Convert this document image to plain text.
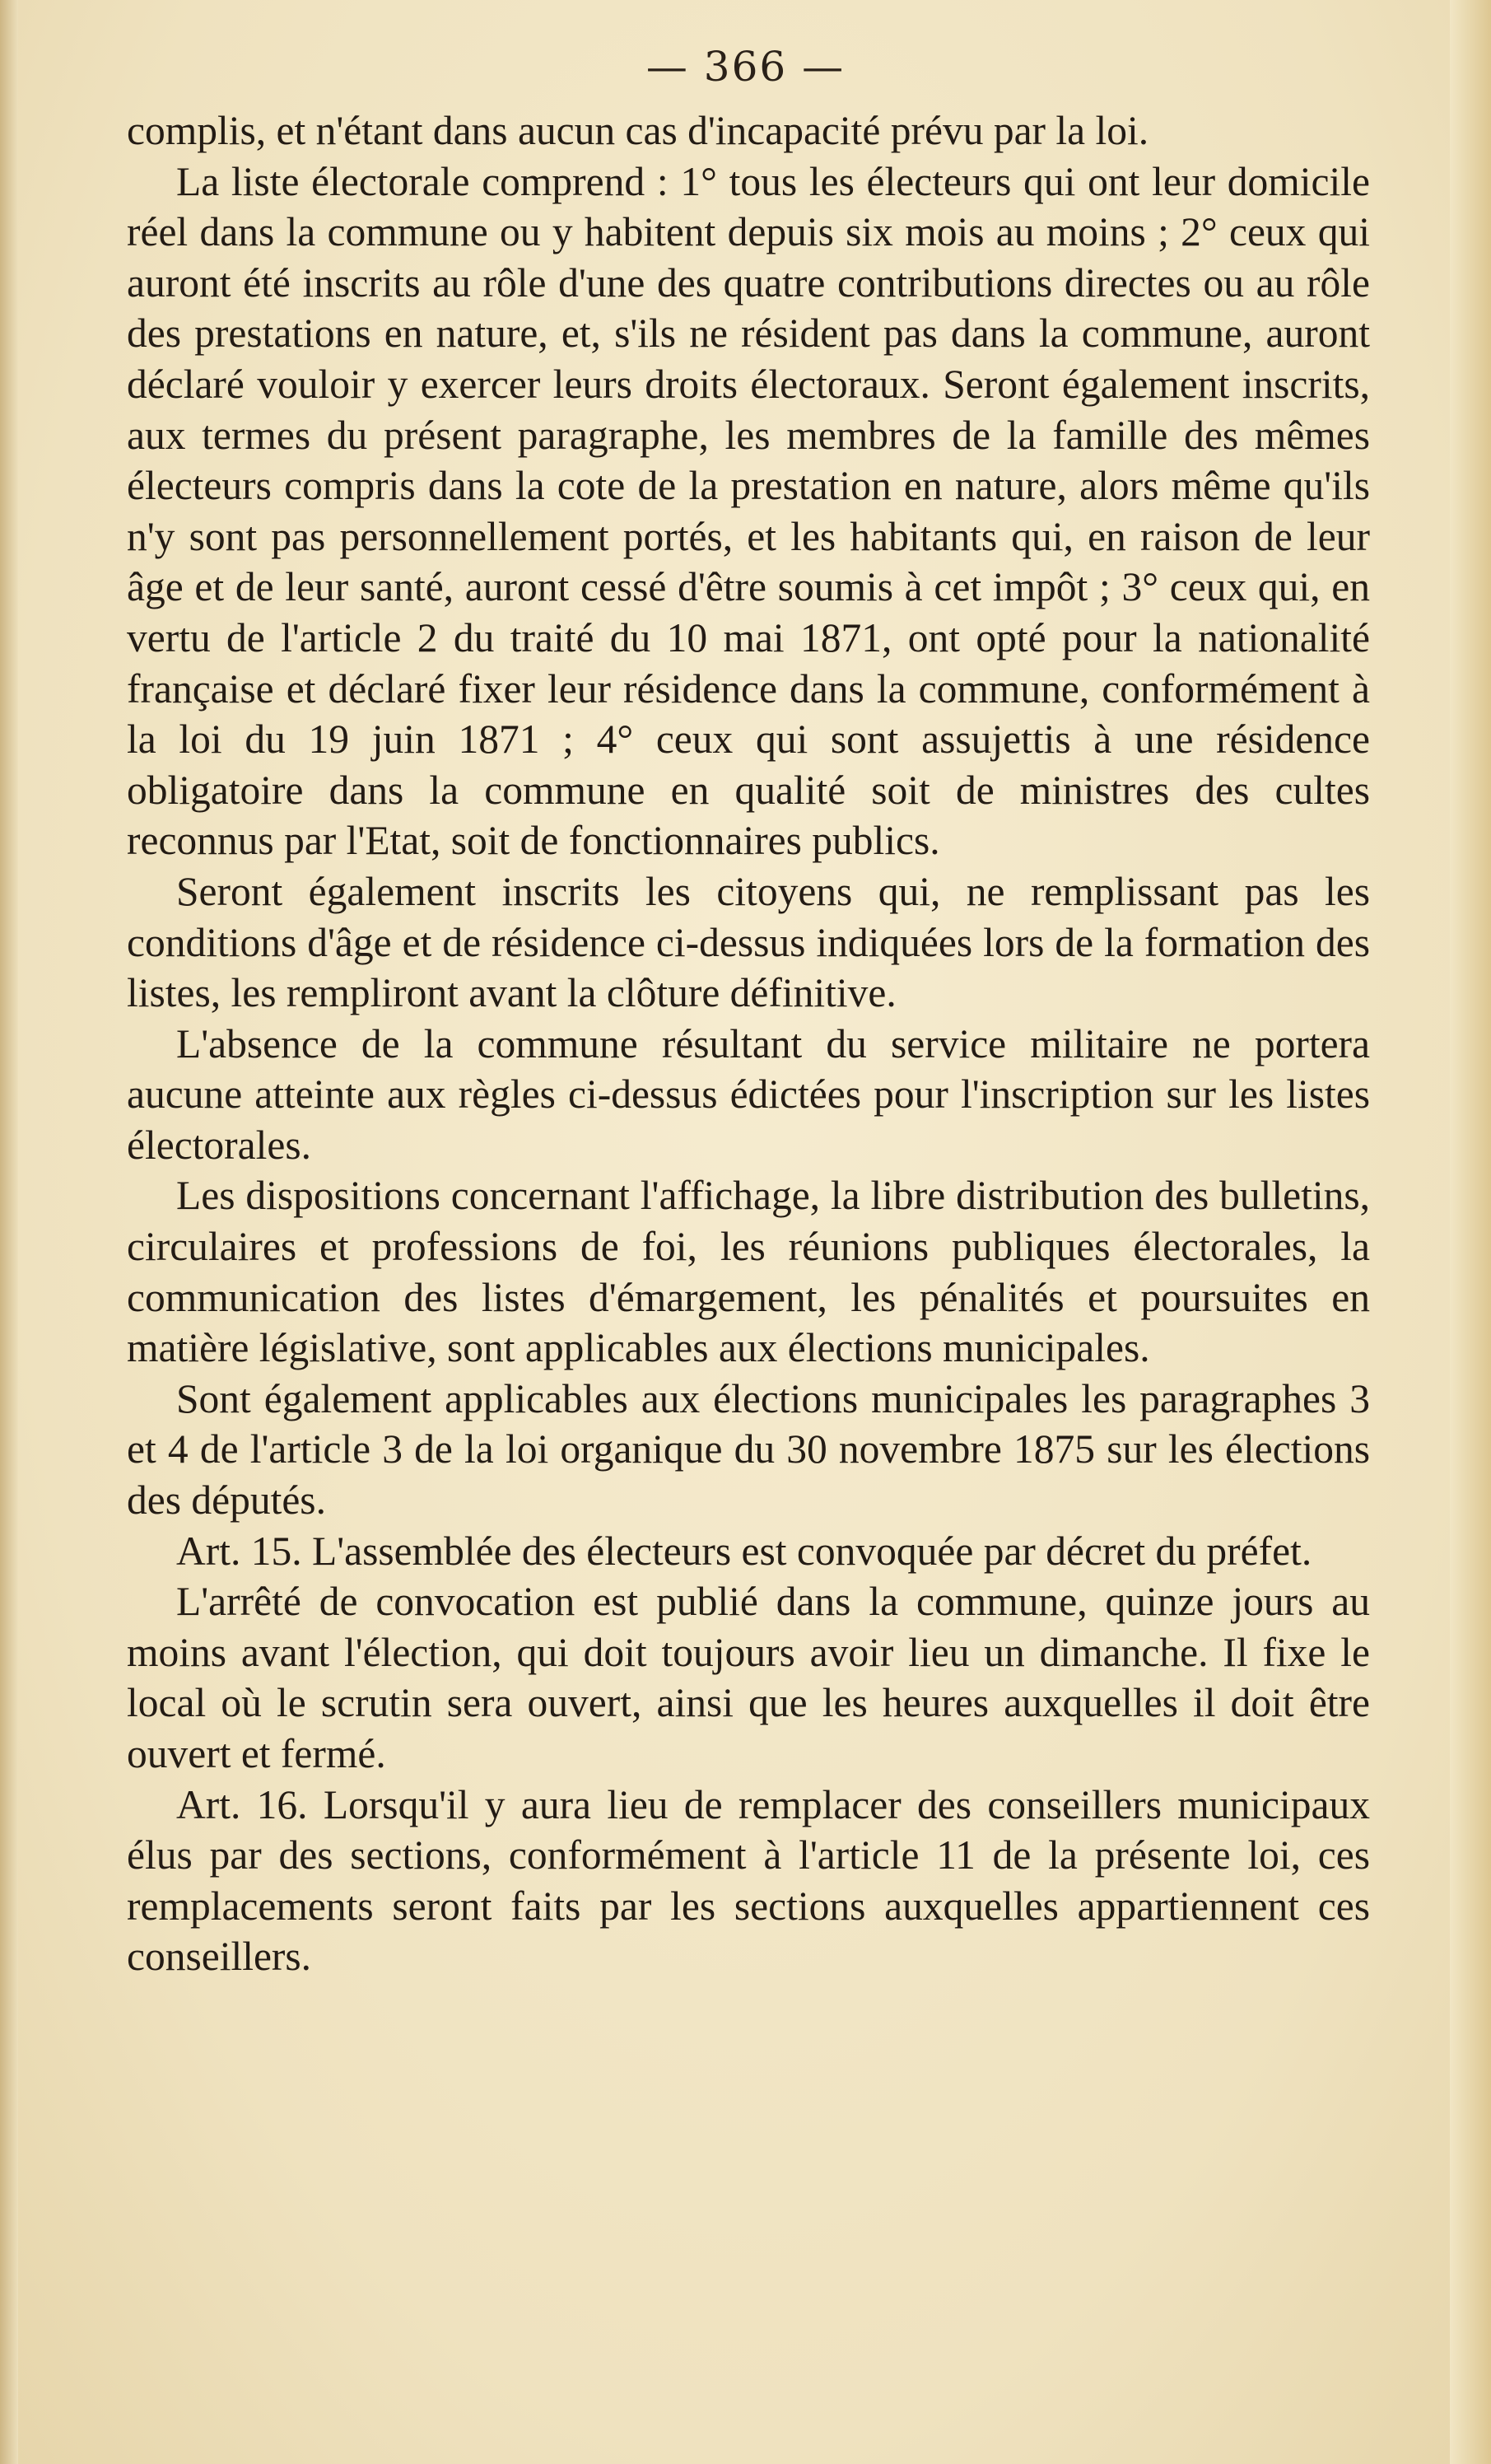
— 366 —

complis, et n'étant dans aucun cas d'incapacité prévu par la loi.

La liste électorale comprend : 1° tous les électeurs qui ont leur domicile réel dans la commune ou y habitent depuis six mois au moins ; 2° ceux qui auront été inscrits au rôle d'une des quatre contributions directes ou au rôle des prestations en nature, et, s'ils ne résident pas dans la commune, auront déclaré vouloir y exercer leurs droits électoraux. Seront également inscrits, aux termes du présent paragraphe, les membres de la famille des mêmes électeurs compris dans la cote de la prestation en nature, alors même qu'ils n'y sont pas personnellement portés, et les habitants qui, en raison de leur âge et de leur santé, auront cessé d'être soumis à cet impôt ; 3° ceux qui, en vertu de l'article 2 du traité du 10 mai 1871, ont opté pour la nationalité française et déclaré fixer leur résidence dans la commune, conformément à la loi du 19 juin 1871 ; 4° ceux qui sont assujettis à une résidence obligatoire dans la commune en qualité soit de ministres des cultes reconnus par l'Etat, soit de fonctionnaires publics.

Seront également inscrits les citoyens qui, ne remplissant pas les conditions d'âge et de résidence ci-dessus indiquées lors de la formation des listes, les rempliront avant la clôture définitive.

L'absence de la commune résultant du service militaire ne portera aucune atteinte aux règles ci-dessus édictées pour l'inscription sur les listes électorales.

Les dispositions concernant l'affichage, la libre distribution des bulletins, circulaires et professions de foi, les réunions publiques électorales, la communication des listes d'émargement, les pénalités et poursuites en matière législative, sont applicables aux élections municipales.

Sont également applicables aux élections municipales les paragraphes 3 et 4 de l'article 3 de la loi organique du 30 novembre 1875 sur les élections des députés.

Art. 15. L'assemblée des électeurs est convoquée par décret du préfet.

L'arrêté de convocation est publié dans la commune, quinze jours au moins avant l'élection, qui doit toujours avoir lieu un dimanche. Il fixe le local où le scrutin sera ouvert, ainsi que les heures auxquelles il doit être ouvert et fermé.

Art. 16. Lorsqu'il y aura lieu de remplacer des conseillers municipaux élus par des sections, conformément à l'article 11 de la présente loi, ces remplacements seront faits par les sections auxquelles appartiennent ces conseillers.
